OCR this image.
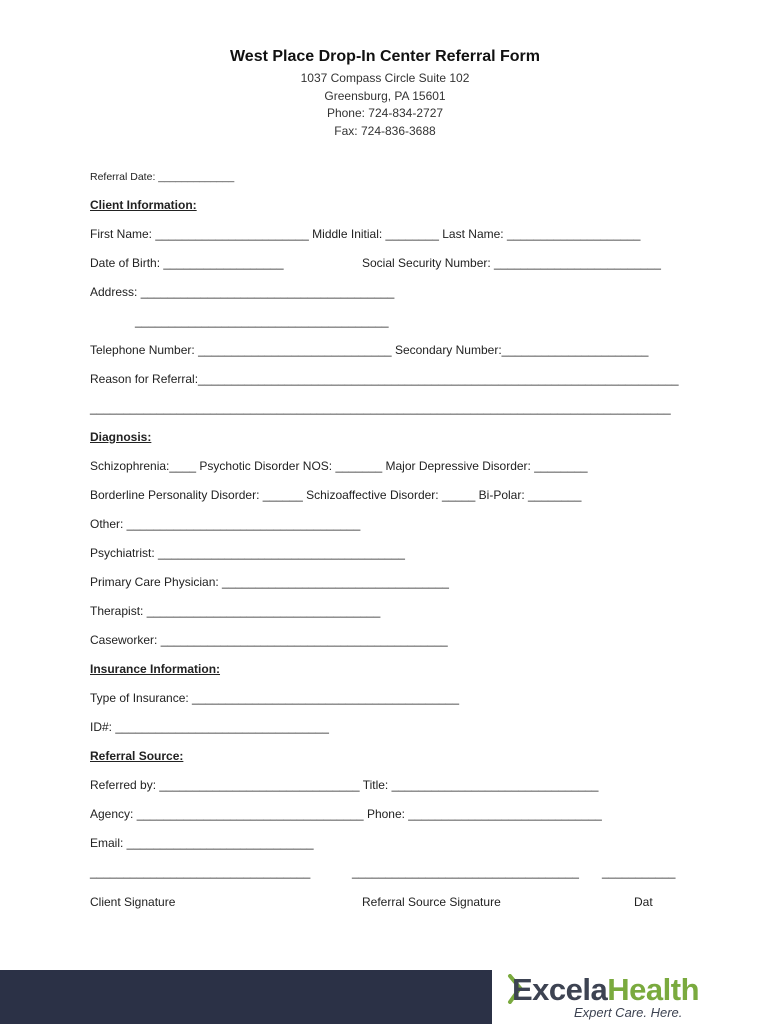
West Place Drop-In Center Referral Form
1037 Compass Circle Suite 102
Greensburg, PA 15601
Phone: 724-834-2727
Fax: 724-836-3688
Referral Date: _____________
Client Information:
First Name: _______________________ Middle Initial: ________ Last Name: ____________________
Date of Birth: __________________	Social Security Number: _________________________
Address: ______________________________________
______________________________________
Telephone Number: _____________________________ Secondary Number:______________________
Reason for Referral:________________________________________________________________________
_______________________________________________________________________________________
Diagnosis:
Schizophrenia:____ Psychotic Disorder NOS: _______ Major Depressive Disorder: ________
Borderline Personality Disorder: ______ Schizoaffective Disorder: _____ Bi-Polar: ________
Other: ___________________________________
Psychiatrist: _____________________________________
Primary Care Physician: __________________________________
Therapist: ___________________________________
Caseworker: ___________________________________________
Insurance Information:
Type of Insurance: ________________________________________
ID#: ________________________________
Referral Source:
Referred by: ______________________________ Title: _______________________________
Agency: __________________________________ Phone: _____________________________
Email: ____________________________
_________________________________	__________________________________ ___________
Client Signature	Referral Source Signature	Dat
ExcelaHealth
Expert Care. Here.
